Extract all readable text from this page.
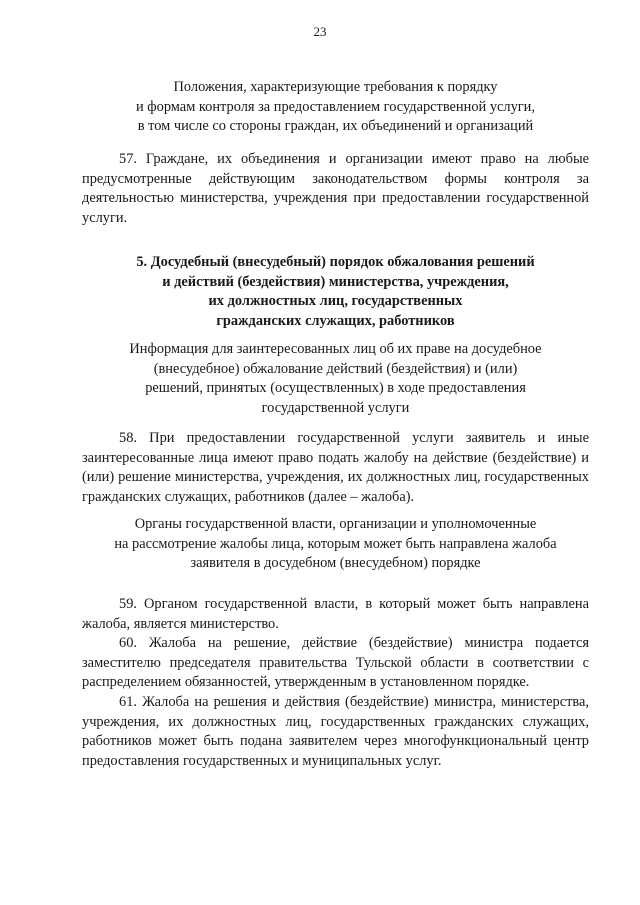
23

Положения, характеризующие требования к порядку

и формам контроля за предоставлением государственной услуги,

в том числе со стороны граждан, их объединений и организаций

57. Граждане, их объединения и организации имеют право на любые предусмотренные действующим законодательством формы контроля за деятельностью министерства, учреждения при предоставлении государственной услуги.

5. Досудебный (внесудебный) порядок обжалования решений

и действий (бездействия) министерства, учреждения,

их должностных лиц, государственных

гражданских служащих, работников

Информация для заинтересованных лиц об их праве на досудебное

(внесудебное) обжалование действий (бездействия) и (или)

решений, принятых (осуществленных) в ходе предоставления

государственной услуги

58. При предоставлении государственной услуги заявитель и иные заинтересованные лица имеют право подать жалобу на действие (бездействие) и (или) решение министерства, учреждения, их должностных лиц, государственных гражданских служащих, работников (далее – жалоба).

Органы государственной власти, организации и уполномоченные

на рассмотрение жалобы лица, которым может быть направлена жалоба

заявителя в досудебном (внесудебном) порядке

59. Органом государственной власти, в который может быть направлена жалоба, является министерство.

60. Жалоба на решение, действие (бездействие) министра подается заместителю председателя правительства Тульской области в соответствии с распределением обязанностей, утвержденным в установленном порядке.

61. Жалоба на решения и действия (бездействие) министра, министерства, учреждения, их должностных лиц, государственных гражданских служащих, работников может быть подана заявителем через многофункциональный центр предоставления государственных и муниципальных услуг.
